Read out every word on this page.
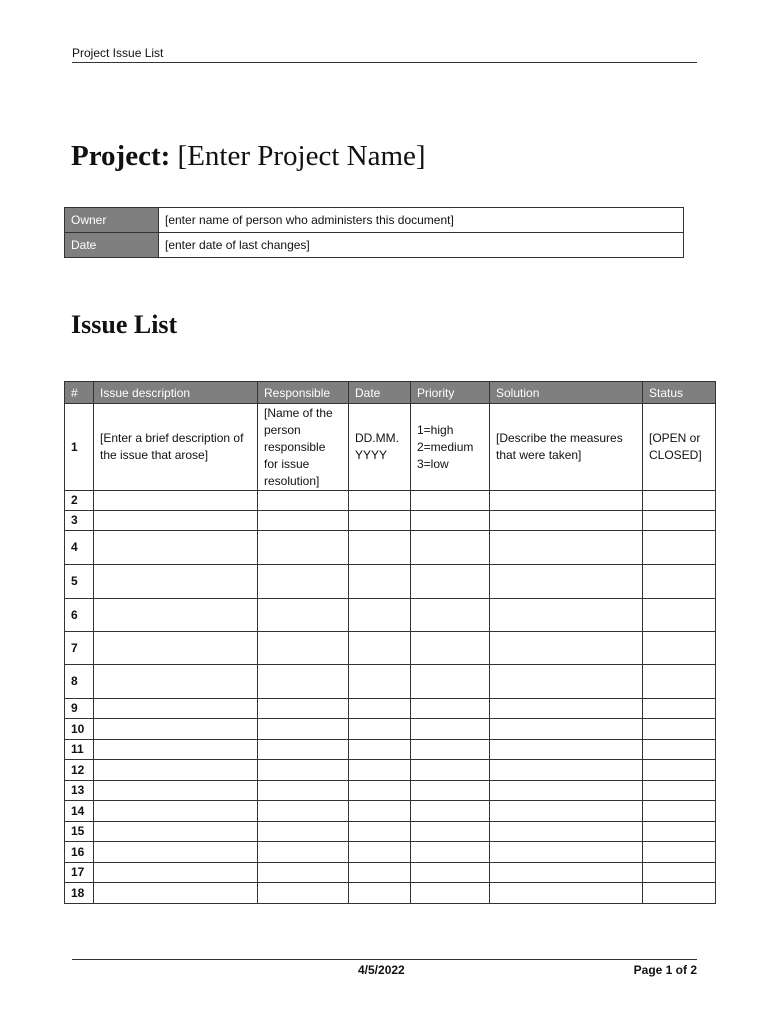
Project Issue List
Project: [Enter Project Name]
Owner	[enter name of person who administers this document]
Date	[enter date of last changes]
Issue List
#	Issue description	Responsible	Date	Priority	Solution	Status
1	[Enter a brief description of the issue that arose]	[Name of the person responsible for issue resolution]	DD.MM. YYYY	1=high 2=medium 3=low	[Describe the measures that were taken]	[OPEN or CLOSED]
2						
3						
4						
5						
6						
7						
8						
9						
10						
11						
12						
13						
14						
15						
16						
17						
18						
4/5/2022	Page 1 of 2
